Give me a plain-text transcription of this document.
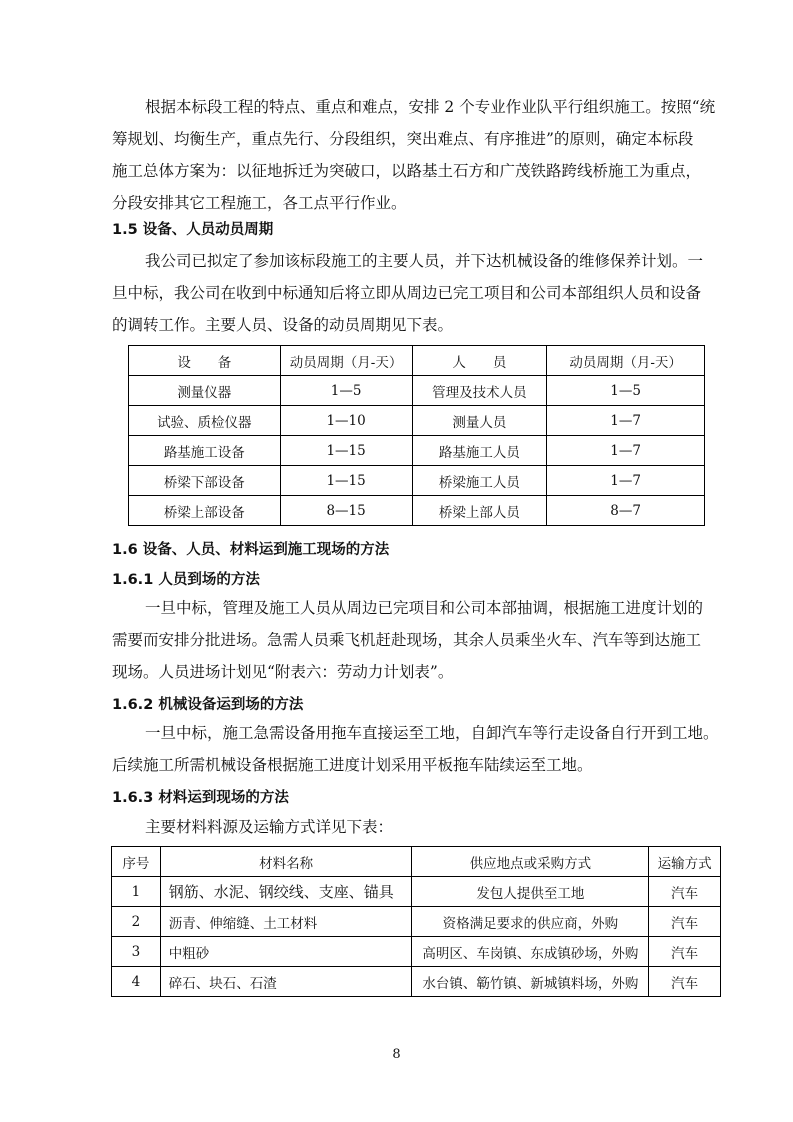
根据本标段工程的特点、重点和难点，安排 2 个专业作业队平行组织施工。按照“统
筹规划、均衡生产，重点先行、分段组织，突出难点、有序推进”的原则，确定本标段
施工总体方案为：以征地拆迁为突破口，以路基土石方和广茂铁路跨线桥施工为重点，
分段安排其它工程施工，各工点平行作业。
1.5 设备、人员动员周期
我公司已拟定了参加该标段施工的主要人员，并下达机械设备的维修保养计划。一
旦中标，我公司在收到中标通知后将立即从周边已完工项目和公司本部组织人员和设备
的调转工作。主要人员、设备的动员周期见下表。
设　　备	动员周期（月-天）	人　　员	动员周期（月-天）
测量仪器	1—5	管理及技术人员	1—5
试验、质检仪器	1—10	测量人员	1—7
路基施工设备	1—15	路基施工人员	1—7
桥梁下部设备	1—15	桥梁施工人员	1—7
桥梁上部设备	8—15	桥梁上部人员	8—7
1.6 设备、人员、材料运到施工现场的方法
1.6.1 人员到场的方法
一旦中标，管理及施工人员从周边已完项目和公司本部抽调，根据施工进度计划的
需要而安排分批进场。急需人员乘飞机赶赴现场，其余人员乘坐火车、汽车等到达施工
现场。人员进场计划见“附表六：劳动力计划表”。
1.6.2 机械设备运到场的方法
一旦中标，施工急需设备用拖车直接运至工地，自卸汽车等行走设备自行开到工地。
后续施工所需机械设备根据施工进度计划采用平板拖车陆续运至工地。
1.6.3 材料运到现场的方法
主要材料料源及运输方式详见下表：
序号	材料名称	供应地点或采购方式	运输方式
1	钢筋、水泥、钢绞线、支座、锚具	发包人提供至工地	汽车
2	沥青、伸缩缝、土工材料	资格满足要求的供应商，外购	汽车
3	中粗砂	高明区、车岗镇、东成镇砂场，外购	汽车
4	碎石、块石、石渣	水台镇、簕竹镇、新城镇料场，外购	汽车
8
